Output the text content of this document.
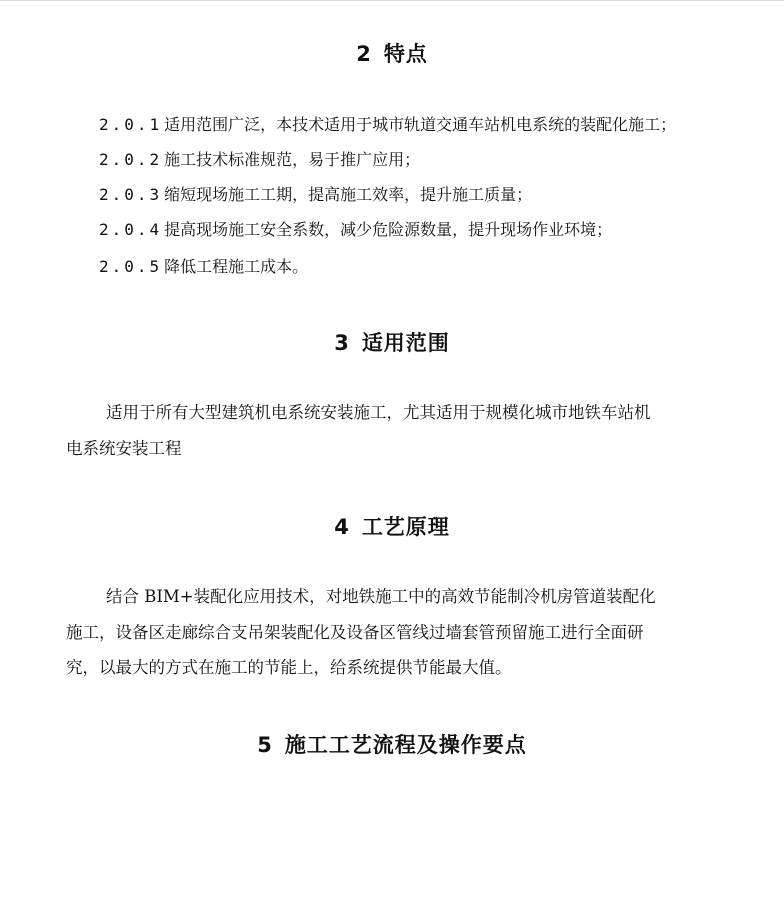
2 特点
2.0.1 适用范围广泛，本技术适用于城市轨道交通车站机电系统的装配化施工；
2.0.2 施工技术标准规范，易于推广应用；
2.0.3 缩短现场施工工期，提高施工效率，提升施工质量；
2.0.4 提高现场施工安全系数，减少危险源数量，提升现场作业环境；
2.0.5 降低工程施工成本。
3 适用范围
适用于所有大型建筑机电系统安装施工，尤其适用于规模化城市地铁车站机
电系统安装工程
4 工艺原理
结合 BIM+装配化应用技术，对地铁施工中的高效节能制冷机房管道装配化
施工，设备区走廊综合支吊架装配化及设备区管线过墙套管预留施工进行全面研
究，以最大的方式在施工的节能上，给系统提供节能最大值。
5 施工工艺流程及操作要点
